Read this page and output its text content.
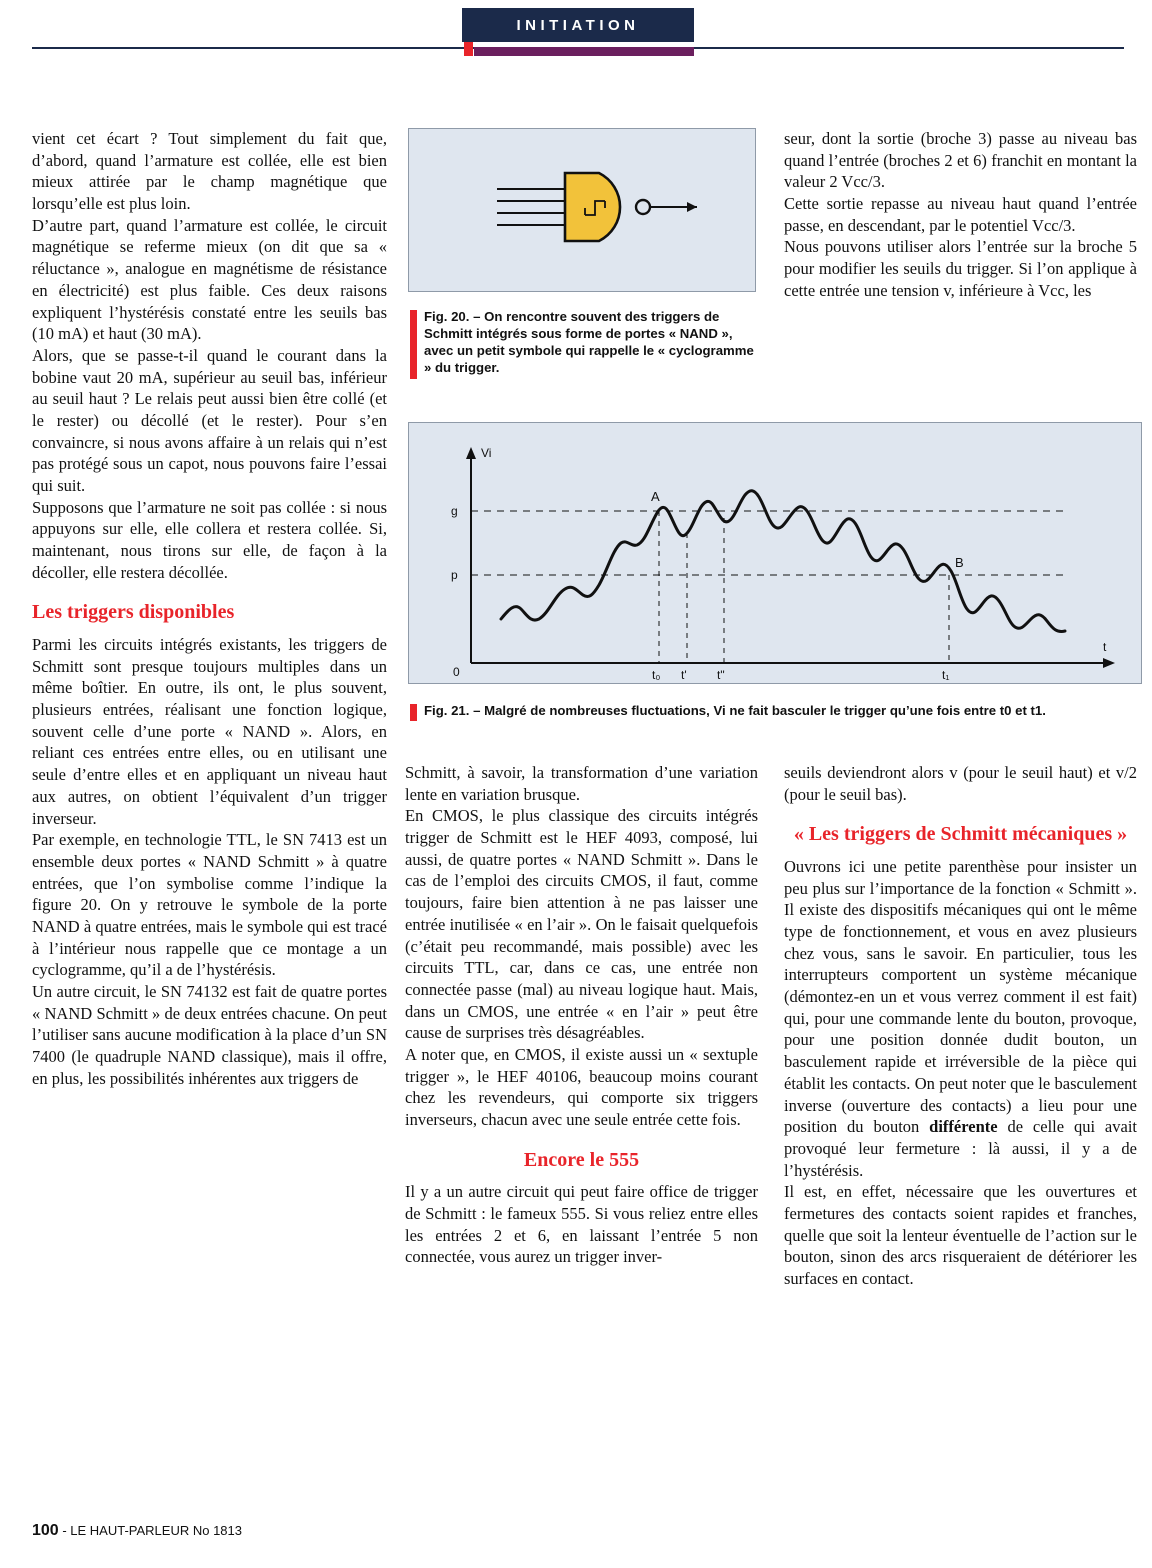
INITIATION

vient cet écart ? Tout simplement du fait que, d’abord, quand l’armature est collée, elle est bien mieux attirée par le champ magnétique que lorsqu’elle est plus loin.

D’autre part, quand l’armature est collée, le circuit magnétique se referme mieux (on dit que sa « réluctance », analogue en magnétisme de résistance en électricité) est plus faible. Ces deux raisons expliquent l’hystérésis constaté entre les seuils bas (10 mA) et haut (30 mA).

Alors, que se passe-t-il quand le courant dans la bobine vaut 20 mA, supérieur au seuil bas, inférieur au seuil haut ? Le relais peut aussi bien être collé (et le rester) ou décollé (et le rester). Pour s’en convaincre, si nous avons affaire à un relais qui n’est pas protégé sous un capot, nous pouvons faire l’essai qui suit.

Supposons que l’armature ne soit pas collée : si nous appuyons sur elle, elle collera et restera collée. Si, maintenant, nous tirons sur elle, de façon à la décoller, elle restera décollée.

Les triggers disponibles

Parmi les circuits intégrés existants, les triggers de Schmitt sont presque toujours multiples dans un même boîtier. En outre, ils ont, le plus souvent, plusieurs entrées, réalisant une fonction logique, souvent celle d’une porte « NAND ». Alors, en reliant ces entrées entre elles, ou en utilisant une seule d’entre elles et en appliquant un niveau haut aux autres, on obtient l’équivalent d’un trigger inverseur.

Par exemple, en technologie TTL, le SN 7413 est un ensemble deux portes « NAND Schmitt » à quatre entrées, que l’on symbolise comme l’indique la figure 20. On y retrouve le symbole de la porte NAND à quatre entrées, mais le symbole qui est tracé à l’intérieur nous rappelle que ce montage a un cyclogramme, qu’il a de l’hystérésis.

Un autre circuit, le SN 74132 est fait de quatre portes « NAND Schmitt » de deux entrées chacune. On peut l’utiliser sans aucune modification à la place d’un SN 7400 (le quadruple NAND classique), mais il offre, en plus, les possibilités inhérentes aux triggers de

Fig. 20. – On rencontre souvent des triggers de Schmitt intégrés sous forme de portes « NAND », avec un petit symbole qui rappelle le « cyclogramme » du trigger.

seur, dont la sortie (broche 3) passe au niveau bas quand l’entrée (broches 2 et 6) franchit en montant la valeur 2 Vcc/3.

Cette sortie repasse au niveau haut quand l’entrée passe, en descendant, par le potentiel Vcc/3.

Nous pouvons utiliser alors l’entrée sur la broche 5 pour modifier les seuils du trigger. Si l’on applique à cette entrée une tension v, inférieure à Vcc, les

Vi
t
0
g
p
t₀ t'	t"	t₁
A
B
Fig. 21. – Malgré de nombreuses fluctuations, Vi ne fait basculer le trigger qu’une fois entre t0 et t1.

Schmitt, à savoir, la transformation d’une variation lente en variation brusque.

En CMOS, le plus classique des circuits intégrés trigger de Schmitt est le HEF 4093, composé, lui aussi, de quatre portes « NAND Schmitt ». Dans le cas de l’emploi des circuits CMOS, il faut, comme toujours, faire bien attention à ne pas laisser une entrée inutilisée « en l’air ». On le faisait quelquefois (c’était peu recommandé, mais possible) avec les circuits TTL, car, dans ce cas, une entrée non connectée passe (mal) au niveau logique haut. Mais, dans un CMOS, une entrée « en l’air » peut être cause de surprises très désagréables.

A noter que, en CMOS, il existe aussi un « sextuple trigger », le HEF 40106, beaucoup moins courant chez les revendeurs, qui comporte six triggers inverseurs, chacun avec une seule entrée cette fois.

Encore le 555

Il y a un autre circuit qui peut faire office de trigger de Schmitt : le fameux 555. Si vous reliez entre elles les entrées 2 et 6, en laissant l’entrée 5 non connectée, vous aurez un trigger inver-

seuils deviendront alors v (pour le seuil haut) et v/2 (pour le seuil bas).

« Les triggers de Schmitt mécaniques »

Ouvrons ici une petite parenthèse pour insister un peu plus sur l’importance de la fonction « Schmitt ». Il existe des dispositifs mécaniques qui ont le même type de fonctionnement, et vous en avez plusieurs chez vous, sans le savoir. En particulier, tous les interrupteurs comportent un système mécanique (démontez-en un et vous verrez comment il est fait) qui, pour une commande lente du bouton, provoque, pour une position donnée dudit bouton, un basculement rapide et irréversible de la pièce qui établit les contacts. On peut noter que le basculement inverse (ouverture des contacts) a lieu pour une position du bouton différente de celle qui avait provoqué leur fermeture : là aussi, il y a de l’hystérésis.

Il est, en effet, nécessaire que les ouvertures et fermetures des contacts soient rapides et franches, quelle que soit la lenteur éventuelle de l’action sur le bouton, sinon des arcs risqueraient de détériorer les surfaces en contact.

100 - LE HAUT-PARLEUR No 1813
